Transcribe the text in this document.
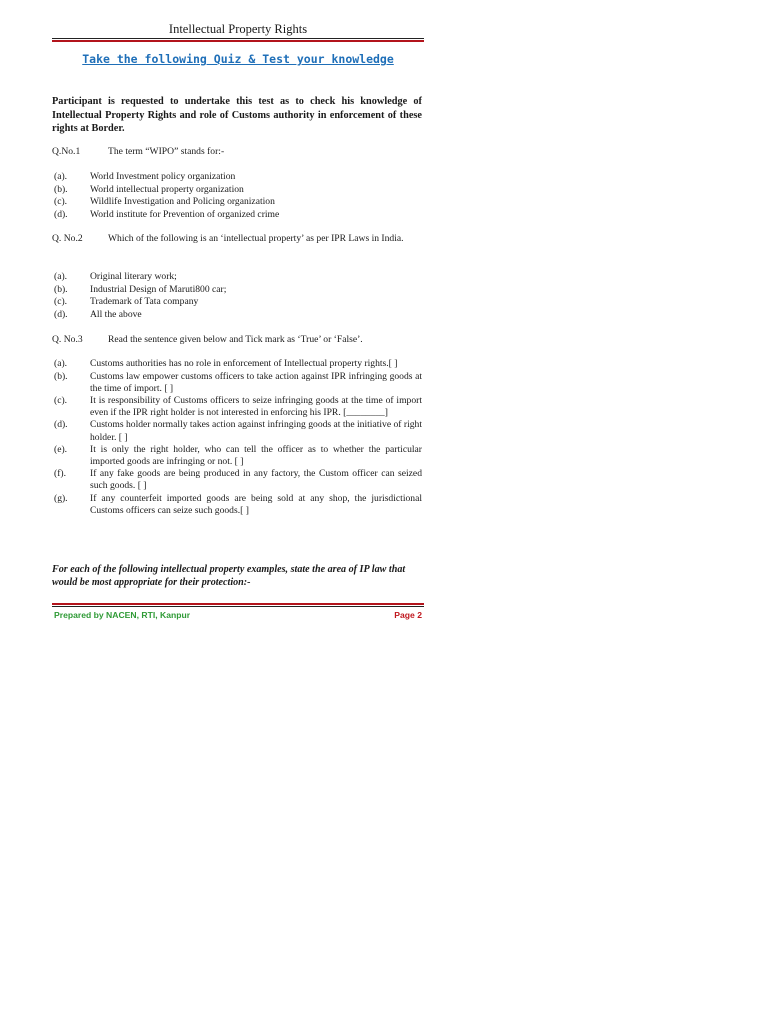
Intellectual Property Rights
Take the following Quiz & Test your knowledge
Participant is requested to undertake this test as to check his knowledge of Intellectual Property Rights and role of Customs authority in enforcement of these rights at Border.
Q.No.1	The term “WIPO” stands for:-
(a). World Investment policy organization
(b). World intellectual property organization
(c). Wildlife Investigation and Policing organization
(d). World institute for Prevention of organized crime
Q. No.2	Which of the following is an ‘intellectual property’ as per IPR Laws in India.
(a). Original literary work;
(b). Industrial Design of Maruti800 car;
(c). Trademark of Tata company
(d). All the above
Q. No.3	Read the sentence given below and Tick mark as ‘True’ or ‘False’.
(a). Customs authorities has no role in enforcement of Intellectual property rights.[ ]
(b). Customs law empower customs officers to take action against IPR infringing goods at the time of import. [ ]
(c). It is responsibility of Customs officers to seize infringing goods at the time of import even if the IPR right holder is not interested in enforcing his IPR. [________]
(d). Customs holder normally takes action against infringing goods at the initiative of right holder. [ ]
(e). It is only the right holder, who can tell the officer as to whether the particular imported goods are infringing or not. [ ]
(f).	If any fake goods are being produced in any factory, the Custom officer can seized such goods. [ ]
(g). If any counterfeit imported goods are being sold at any shop, the jurisdictional Customs officers can seize such goods.[ ]
For each of the following intellectual property examples, state the area of IP law that would be most appropriate for their protection:-
Prepared by NACEN, RTI, Kanpur	Page 2
